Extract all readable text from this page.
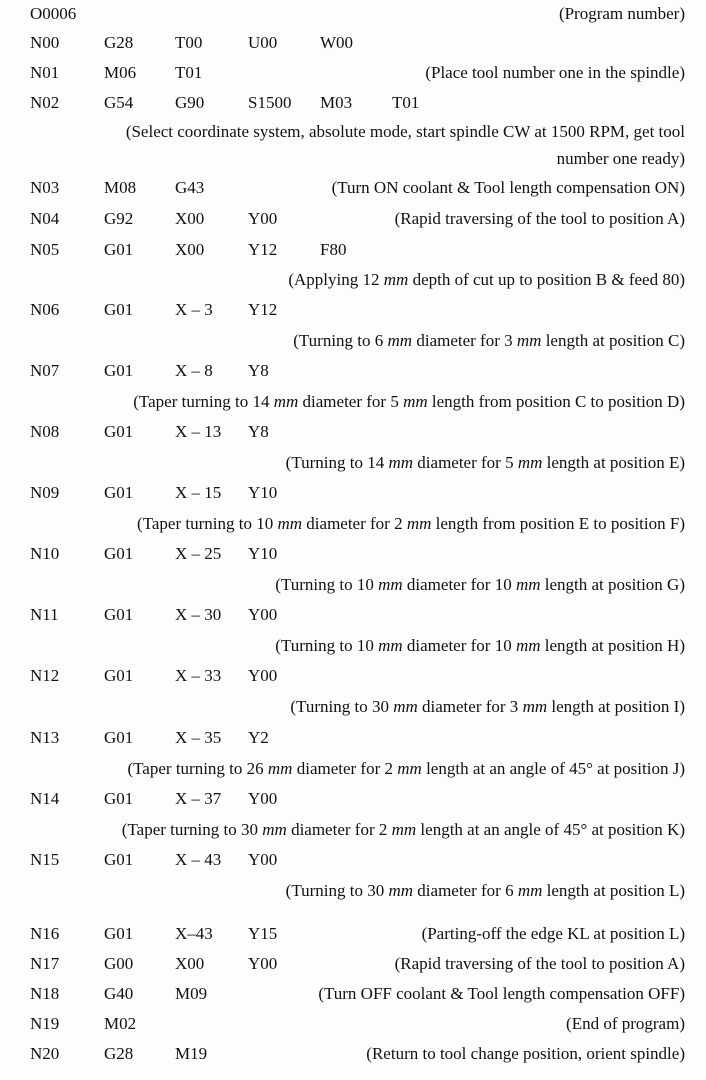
O0006	(Program number)
N00	G28 T00	U00	W00
N01	M06 T01	(Place tool number one in the spindle)
N02	G54 G90	S1500 M03 T01
(Select coordinate system, absolute mode, start spindle CW at 1500 RPM, get tool number one ready)
N03	M08 G43	(Turn ON coolant & Tool length compensation ON)
N04	G92 X00	Y00	(Rapid traversing of the tool to position A)
N05	G01 X00	Y12	F80
(Applying 12 mm depth of cut up to position B & feed 80)
N06	G01 X – 3 Y12
(Turning to 6 mm diameter for 3 mm length at position C)
N07	G01 X – 8 Y8
(Taper turning to 14 mm diameter for 5 mm length from position C to position D)
N08	G01 X – 13 Y8
(Turning to 14 mm diameter for 5 mm length at position E)
N09	G01 X – 15 Y10
(Taper turning to 10 mm diameter for 2 mm length from position E to position F)
N10	G01 X – 25 Y10
(Turning to 10 mm diameter for 10 mm length at position G)
N11	G01 X – 30 Y00
(Turning to 10 mm diameter for 10 mm length at position H)
N12	G01 X – 33 Y00
(Turning to 30 mm diameter for 3 mm length at position I)
N13	G01 X – 35 Y2
(Taper turning to 26 mm diameter for 2 mm length at an angle of 45° at position J)
N14	G01 X – 37 Y00
(Taper turning to 30 mm diameter for 2 mm length at an angle of 45° at position K)
N15	G01 X – 43 Y00
(Turning to 30 mm diameter for 6 mm length at position L)
N16	G01 X–43 Y15	(Parting-off the edge KL at position L)
N17	G00 X00	Y00	(Rapid traversing of the tool to position A)
N18	G40 M09	(Turn OFF coolant & Tool length compensation OFF)
N19	M02	(End of program)
N20	G28 M19	(Return to tool change position, orient spindle)
